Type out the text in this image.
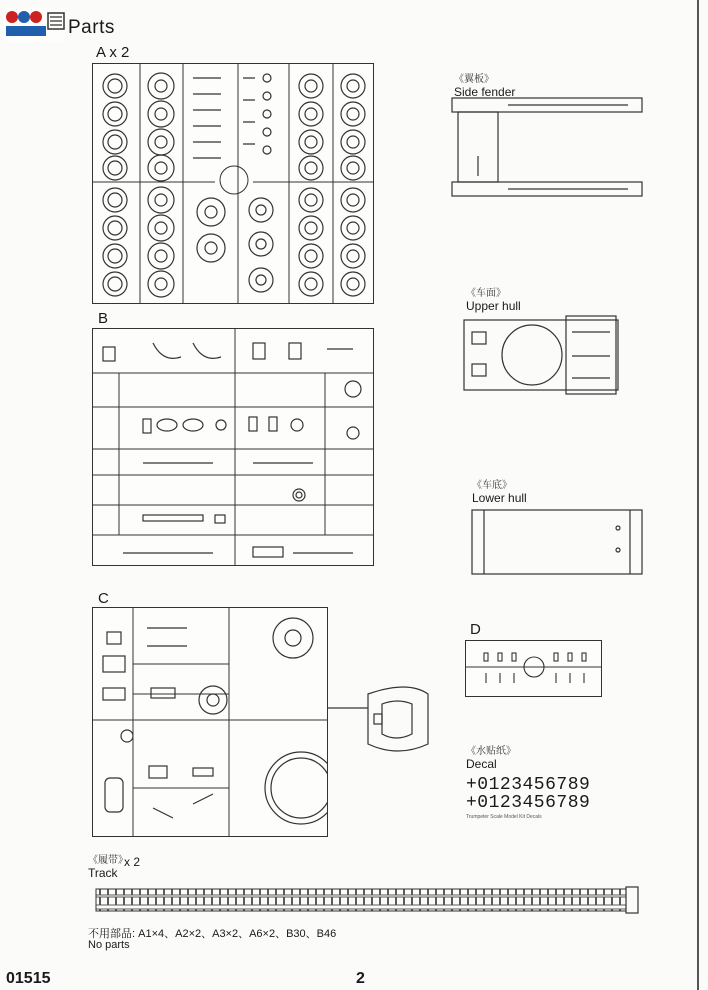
Parts
A x 2
B
C
《翼板》
Side fender
《车面》
Upper hull
《车底》
Lower hull
D
《水贴纸》
Decal
+0123456789
+0123456789
Trumpeter Scale Model Kit Decals
《履带》
Track
x 2
不用部品: A1×4、A2×2、A3×2、A6×2、B30、B46
No parts
01515	2
